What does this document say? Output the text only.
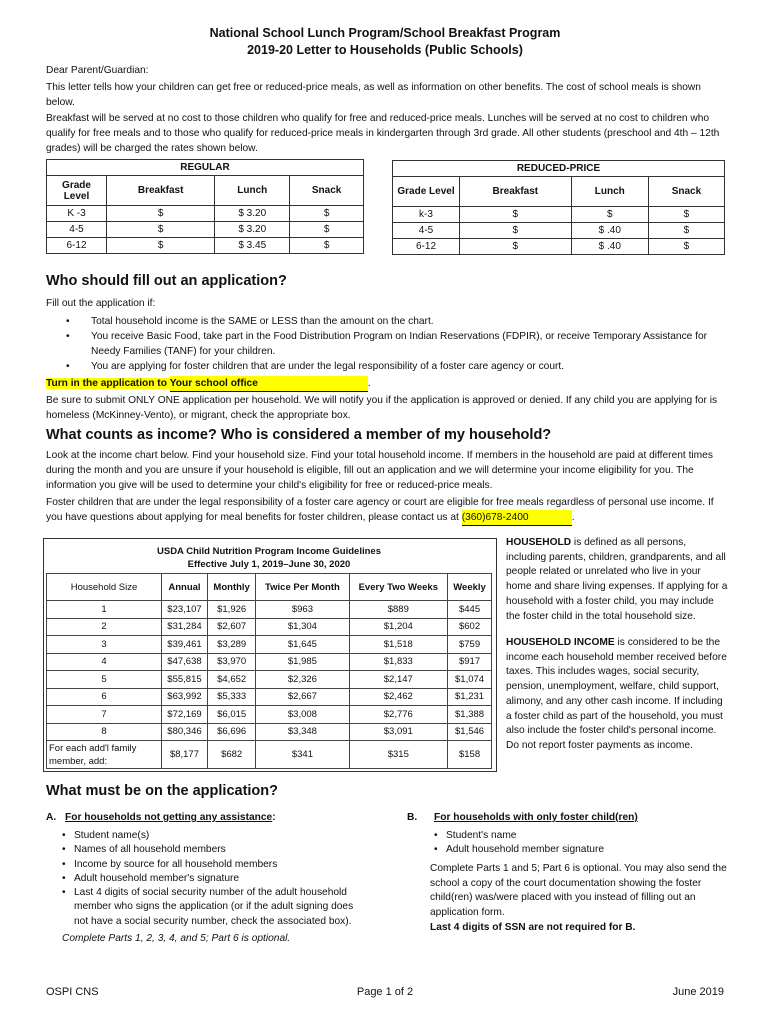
National School Lunch Program/School Breakfast Program
2019-20 Letter to Households (Public Schools)
Dear Parent/Guardian:
This letter tells how your children can get free or reduced-price meals, as well as information on other benefits. The cost of school meals is shown below.
Breakfast will be served at no cost to those children who qualify for free and reduced-price meals. Lunches will be served at no cost to children who qualify for free meals and to those who qualify for reduced-price meals in kindergarten through 3rd grade. All other students (preschool and 4th – 12th grades) will be charged the rates shown below.
REGULAR			
Grade Level	Breakfast	Lunch	Snack
K -3	$	$ 3.20	$
4-5	$	$ 3.20	$
6-12	$	$ 3.45	$
REDUCED-PRICE			
Grade Level	Breakfast	Lunch	Snack
k-3	$	$	$
4-5	$	$ .40	$
6-12	$	$ .40	$
Who should fill out an application?
Fill out the application if:
• Total household income is the SAME or LESS than the amount on the chart.
• You receive Basic Food, take part in the Food Distribution Program on Indian Reservations (FDPIR), or receive Temporary Assistance for Needy Families (TANF) for your children.
• You are applying for foster children that are under the legal responsibility of a foster care agency or court.
Turn in the application to Your school office	.
Be sure to submit ONLY ONE application per household. We will notify you if the application is approved or denied. If any child you are applying for is homeless (McKinney-Vento), or migrant, check the appropriate box.
What counts as income? Who is considered a member of my household?
Look at the income chart below. Find your household size. Find your total household income. If members in the household are paid at different times during the month and you are unsure if your household is eligible, fill out an application and we will determine your income eligibility for you. The information you give will be used to determine your child's eligibility for free or reduced-price meals.
Foster children that are under the legal responsibility of a foster care agency or court are eligible for free meals regardless of personal use income. If you have questions about applying for meal benefits for foster children, please contact us at (360)678-2400	.
USDA Child Nutrition Program Income Guidelines
Effective July 1, 2019–June 30, 2020
Household Size	Annual	Monthly	Twice Per Month	Every Two Weeks	Weekly
1	$23,107	$1,926	$963	$889	$445
2	$31,284	$2,607	$1,304	$1,204	$602
3	$39,461	$3,289	$1,645	$1,518	$759
4	$47,638	$3,970	$1,985	$1,833	$917
5	$55,815	$4,652	$2,326	$2,147	$1,074
6	$63,992	$5,333	$2,667	$2,462	$1,231
7	$72,169	$6,015	$3,008	$2,776	$1,388
8	$80,346	$6,696	$3,348	$3,091	$1,546
For each add'l family member, add:	$8,177	$682	$341	$315	$158
HOUSEHOLD is defined as all persons, including parents, children, grandparents, and all people related or unrelated who live in your home and share living expenses. If applying for a household with a foster child, you may include the foster child in the total household size.
HOUSEHOLD INCOME is considered to be the income each household member received before taxes. This includes wages, social security, pension, unemployment, welfare, child support, alimony, and any other cash income. If including a foster child as part of the household, you must also include the foster child's personal income. Do not report foster payments as income.
What must be on the application?
A. For households not getting any assistance:
• Student name(s)
• Names of all household members
• Income by source for all household members
• Adult household member's signature
• Last 4 digits of social security number of the adult household member who signs the application (or if the adult signing does not have a social security number, check the associated box).
Complete Parts 1, 2, 3, 4, and 5; Part 6 is optional.
B. For households with only foster child(ren)
• Student's name
• Adult household member signature
Complete Parts 1 and 5; Part 6 is optional. You may also send the school a copy of the court documentation showing the foster child(ren) was/were placed with you instead of filling out an application form.
Last 4 digits of SSN are not required for B.
OSPI CNS	Page 1 of 2	June 2019
